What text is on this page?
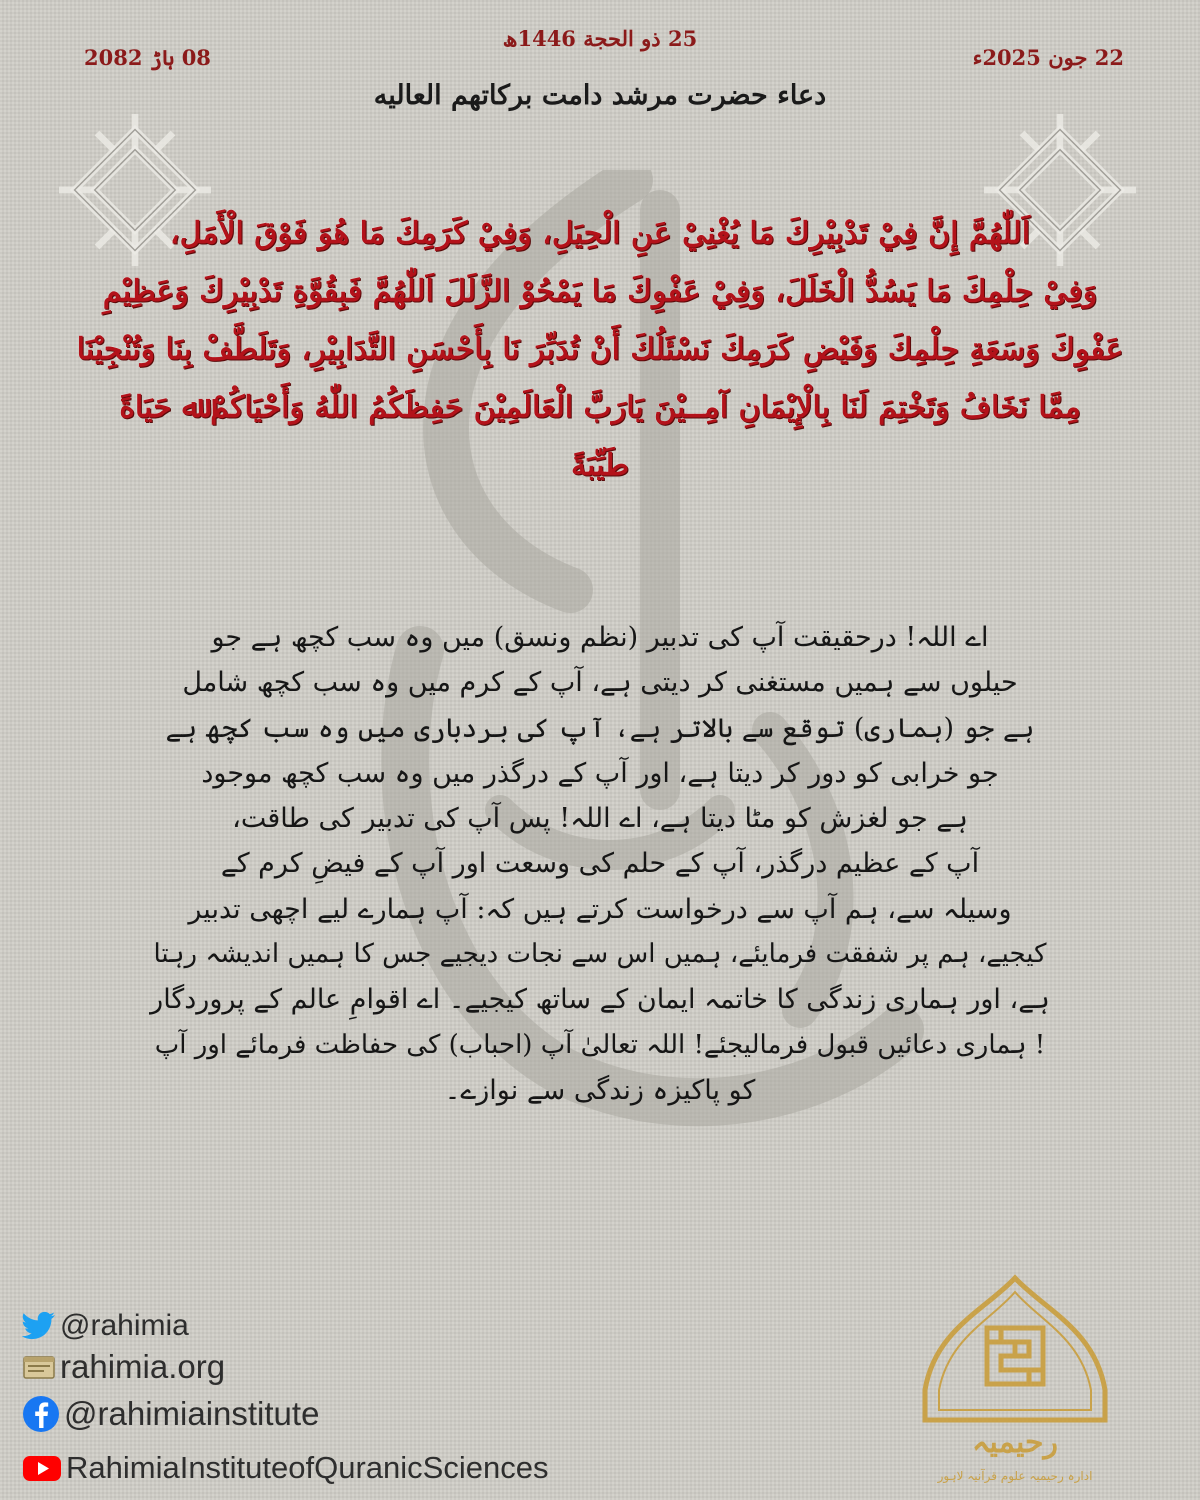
25 ذو الحجة 1446ھ
08 ہاڑ 2082	22 جون 2025ء
دعاء حضرت مرشد دامت برکاتهم العالیه
اَللّٰهُمَّ إِنَّ فِيْ تَدْبِيْرِكَ مَا يُغْنِيْ عَنِ الْحِيَلِ، وَفِيْ كَرَمِكَ مَا هُوَ فَوْقَ الْأَمَلِ،
وَفِيْ حِلْمِكَ مَا يَسُدُّ الْخَلَلَ، وَفِيْ عَفْوِكَ مَا يَمْحُوْ الزَّلَلَ اَللّٰهُمَّ فَبِقُوَّةِ تَدْبِيْرِكَ وَعَظِيْمِ
عَفْوِكَ وَسَعَةِ حِلْمِكَ وَفَيْضِ كَرَمِكَ نَسْئَلُكَ أَنْ تُدَبِّرَ نَا بِأَحْسَنِ التَّدَابِيْرِ، وَتَلَطَّفْ بِنَا وَتُنْجِيْنَا
مِمَّا نَخَافُ وَتَخْتِمَ لَنَا بِالْإِيْمَانِ آمِــيْنَ يَارَبَّ الْعَالَمِيْنَ حَفِظَكُمُ اللّٰهُ وَأَحْيَاكُمْ ﷲ حَيَاةً
طَيِّبَةً
اے اللہ! درحقیقت آپ کی تدبیر (نظم ونسق) میں وہ سب کچھ ہے جو
حیلوں سے ہمیں مستغنی کر دیتی ہے، آپ کے کرم میں وہ سب کچھ شامل
ہے جو (ہماری) توقع سے بالاتر ہے، آپ کی بردباری میں وہ سب کچھ ہے
جو خرابی کو دور کر دیتا ہے، اور آپ کے درگذر میں وہ سب کچھ موجود
ہے جو لغزش کو مٹا دیتا ہے، اے اللہ! پس آپ کی تدبیر کی طاقت،
آپ کے عظیم درگذر، آپ کے حلم کی وسعت اور آپ کے فیضِ کرم کے
وسیلہ سے، ہم آپ سے درخواست کرتے ہیں کہ: آپ ہمارے لیے اچھی تدبیر
کیجیے، ہم پر شفقت فرمایئے، ہمیں اس سے نجات دیجیے جس کا ہمیں اندیشہ رہتا
ہے، اور ہماری زندگی کا خاتمہ ایمان کے ساتھ کیجیے۔ اے اقوامِ عالم کے پروردگار
! ہماری دعائیں قبول فرمالیجئے! اللہ تعالیٰ آپ (احباب) کی حفاظت فرمائے اور آپ
کو پاکیزہ زندگی سے نوازے۔
@rahimia
rahimia.org
@rahimiainstitute
RahimiaInstituteofQuranicSciences
رحیمیہ
ادارہ رحیمیہ علوم قرآنیہ لاہور
